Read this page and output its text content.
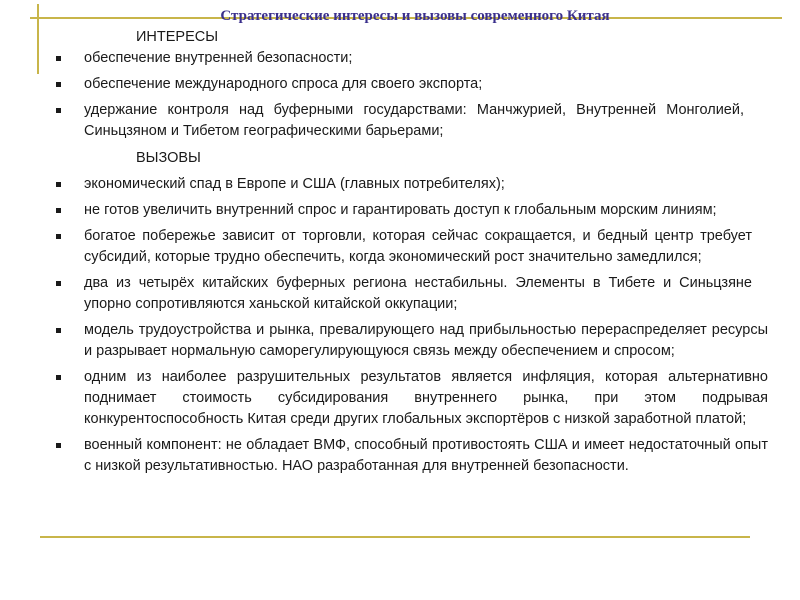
Стратегические интересы и вызовы современного Китая
ИНТЕРЕСЫ
обеспечение внутренней безопасности;
обеспечение международного спроса для своего экспорта;
удержание контроля над буферными государствами: Манчжурией, Внутренней Монголией, Синьцзяном и Тибетом географическими барьерами;
ВЫЗОВЫ
экономический спад в Европе и США (главных потребителях);
не готов увеличить внутренний спрос и гарантировать доступ к глобальным морским линиям;
богатое побережье зависит от торговли, которая сейчас сокращается, и бедный центр требует субсидий, которые трудно обеспечить, когда экономический рост значительно замедлился;
два из четырёх китайских буферных региона нестабильны. Элементы в Тибете и Синьцзяне упорно сопротивляются ханьской китайской оккупации;
модель трудоустройства и рынка, превалирующего над прибыльностью перераспределяет ресурсы и разрывает нормальную саморегулирующуюся связь между обеспечением и спросом;
одним из наиболее разрушительных результатов является инфляция, которая альтернативно поднимает стоимость субсидирования внутреннего рынка, при этом подрывая конкурентоспособность Китая среди других глобальных экспортёров с низкой заработной платой;
военный компонент: не обладает ВМФ, способный противостоять США и имеет недостаточный опыт с низкой результативностью. НАО разработанная для внутренней безопасности.
